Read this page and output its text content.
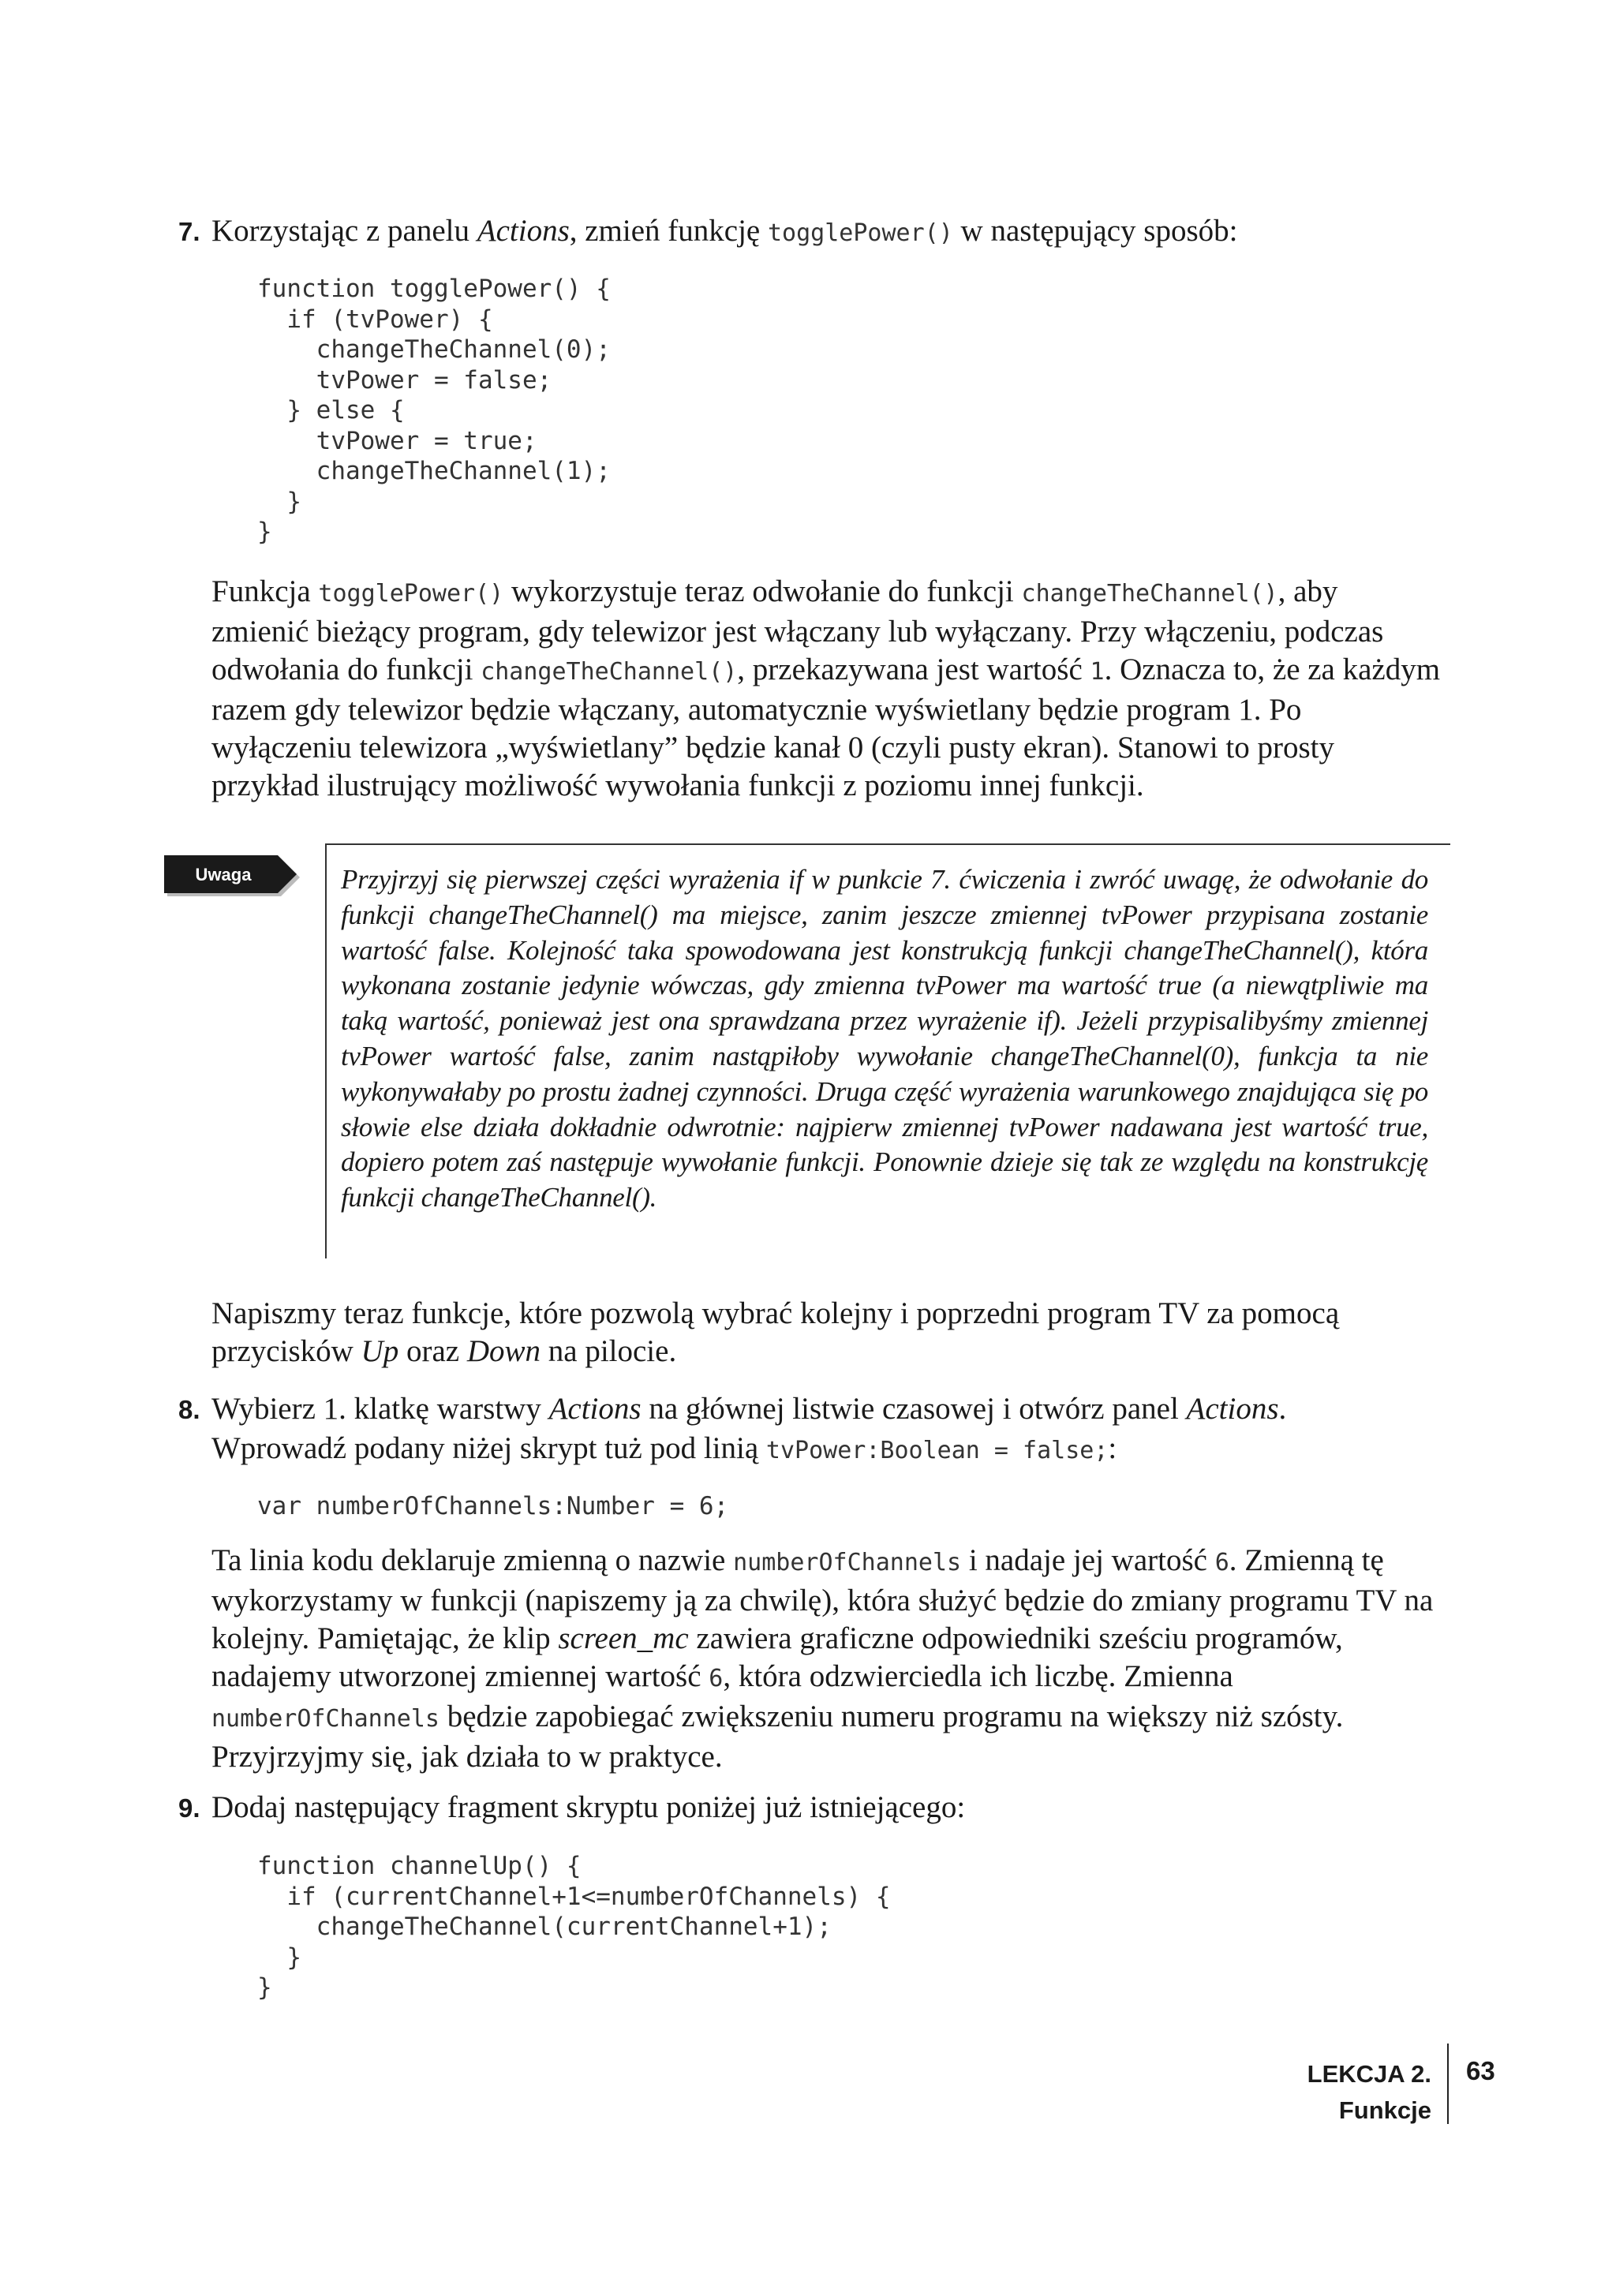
7. Korzystając z panelu Actions, zmień funkcję togglePower() w następujący sposób:
function togglePower() {
if (tvPower) {
changeTheChannel(0);
tvPower = false;
} else {
tvPower = true;
changeTheChannel(1);
}
}
Funkcja togglePower() wykorzystuje teraz odwołanie do funkcji changeTheChannel(), aby zmienić bieżący program, gdy telewizor jest włączany lub wyłączany. Przy włączeniu, podczas odwołania do funkcji changeTheChannel(), przekazywana jest wartość 1. Oznacza to, że za każdym razem gdy telewizor będzie włączany, automatycznie wyświetlany będzie program 1. Po wyłączeniu telewizora „wyświetlany” będzie kanał 0 (czyli pusty ekran). Stanowi to prosty przykład ilustrujący możliwość wywołania funkcji z poziomu innej funkcji.
Uwaga	Przyjrzyj się pierwszej części wyrażenia if w punkcie 7. ćwiczenia i zwróć uwagę, że odwołanie do funkcji changeTheChannel() ma miejsce, zanim jeszcze zmiennej tvPower przypisana zostanie wartość false. Kolejność taka spowodowana jest konstrukcją funkcji changeTheChannel(), która wykonana zostanie jedynie wówczas, gdy zmienna tvPower ma wartość true (a niewątpliwie ma taką wartość, ponieważ jest ona sprawdzana przez wyrażenie if). Jeżeli przypisalibyśmy zmiennej tvPower wartość false, zanim nastąpiłoby wywołanie changeTheChannel(0), funkcja ta nie wykonywałaby po prostu żadnej czynności. Druga część wyrażenia warunkowego znajdująca się po słowie else działa dokładnie odwrotnie: najpierw zmiennej tvPower nadawana jest wartość true, dopiero potem zaś następuje wywołanie funkcji. Ponownie dzieje się tak ze względu na konstrukcję funkcji changeTheChannel().
Napiszmy teraz funkcje, które pozwolą wybrać kolejny i poprzedni program TV za pomocą przycisków Up oraz Down na pilocie.
8. Wybierz 1. klatkę warstwy Actions na głównej listwie czasowej i otwórz panel Actions.
Wprowadź podany niżej skrypt tuż pod linią tvPower:Boolean = false;:
var numberOfChannels:Number = 6;
Ta linia kodu deklaruje zmienną o nazwie numberOfChannels i nadaje jej wartość 6. Zmienną tę wykorzystamy w funkcji (napiszemy ją za chwilę), która służyć będzie do zmiany programu TV na kolejny. Pamiętając, że klip screen_mc zawiera graficzne odpowiedniki sześciu programów, nadajemy utworzonej zmiennej wartość 6, która odzwierciedla ich liczbę. Zmienna numberOfChannels będzie zapobiegać zwiększeniu numeru programu na większy niż szósty. Przyjrzyjmy się, jak działa to w praktyce.
9. Dodaj następujący fragment skryptu poniżej już istniejącego:
function channelUp() {
if (currentChannel+1<=numberOfChannels) {
changeTheChannel(currentChannel+1);
}
}
LEKCJA 2.
Funkcje
63
